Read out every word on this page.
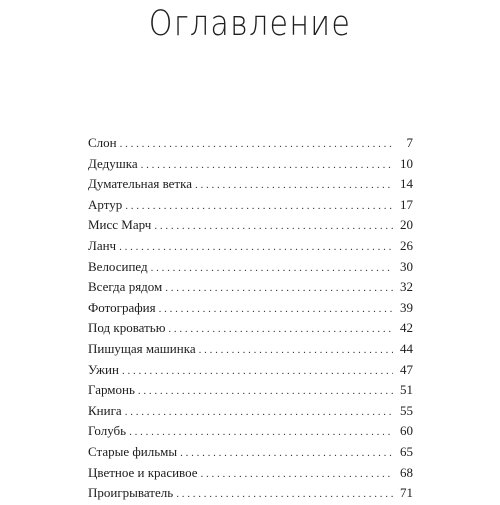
Оглавление
Слон . . .	7
Дедушка . . .	10
Думательная ветка . . .	14
Артур . . .	17
Мисс Марч . . .	20
Ланч . . .	26
Велосипед . . .	30
Всегда рядом . . .	32
Фотография . . .	39
Под кроватью . . .	42
Пишущая машинка . . .	44
Ужин . . .	47
Гармонь . . .	51
Книга . . .	55
Голубь . . .	60
Старые фильмы . . .	65
Цветное и красивое . . .	68
Проигрыватель . . .	71
